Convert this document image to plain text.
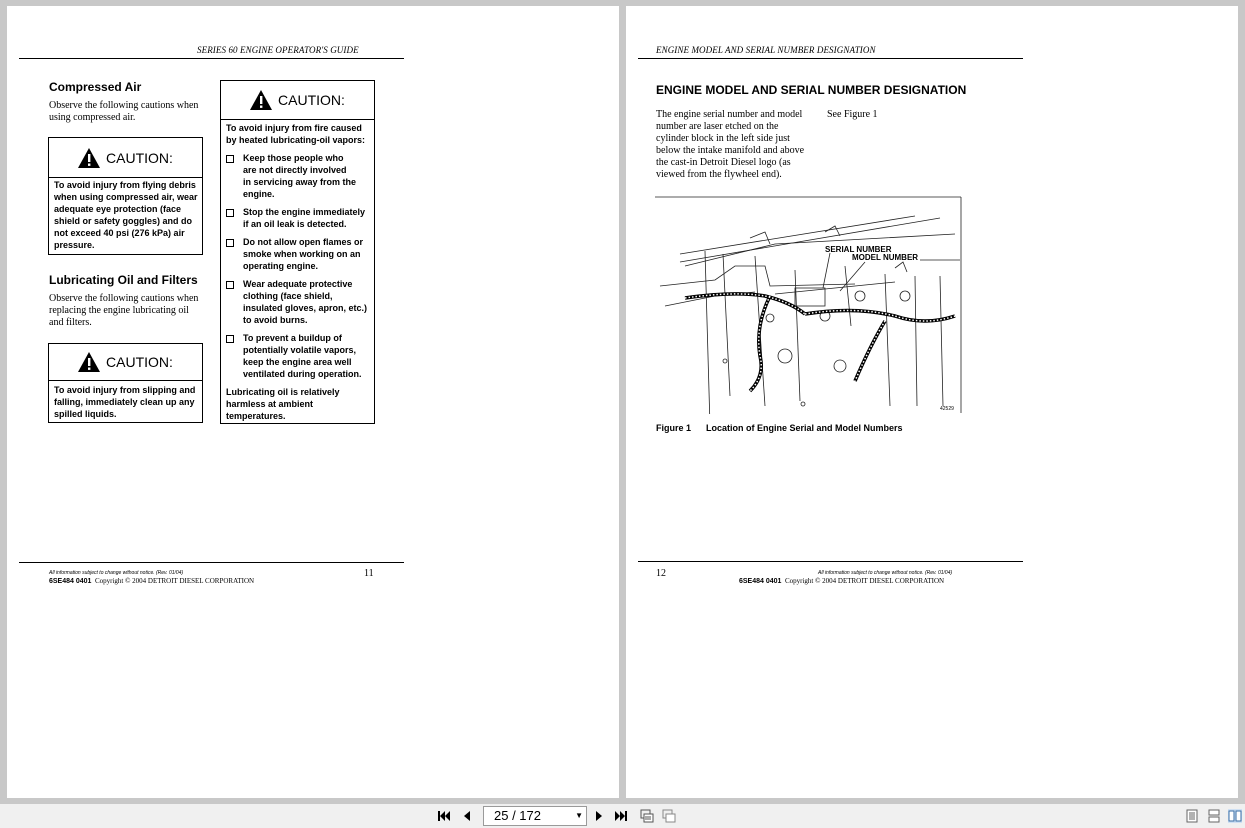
SERIES 60 ENGINE OPERATOR'S GUIDE
Compressed Air
Observe the following cautions when
using compressed air.
CAUTION:
To avoid injury from flying debris
when using compressed air, wear
adequate eye protection (face
shield or safety goggles) and do
not exceed 40 psi (276 kPa) air
pressure.
Lubricating Oil and Filters
Observe the following cautions when
replacing the engine lubricating oil
and filters.
CAUTION:
To avoid injury from slipping and
falling, immediately clean up any
spilled liquids.
CAUTION:
To avoid injury from fire caused
by heated lubricating-oil vapors:
Keep those people who
are not directly involved
in servicing away from the
engine.
Stop the engine immediately
if an oil leak is detected.
Do not allow open flames or
smoke when working on an
operating engine.
Wear adequate protective
clothing (face shield,
insulated gloves, apron, etc.)
to avoid burns.
To prevent a buildup of
potentially volatile vapors,
keep the engine area well
ventilated during operation.
Lubricating oil is relatively
harmless at ambient
temperatures.
All information subject to change without notice. (Rev. 01/04)
6SE484 0401 Copyright © 2004 DETROIT DIESEL CORPORATION
11
ENGINE MODEL AND SERIAL NUMBER DESIGNATION
ENGINE MODEL AND SERIAL NUMBER DESIGNATION
The engine serial number and model
number are laser etched on the
cylinder block in the left side just
below the intake manifold and above
the cast-in Detroit Diesel logo (as
viewed from the flywheel end).
See Figure 1
SERIAL NUMBER
MODEL NUMBER
42529
Figure 1 Location of Engine Serial and Model Numbers
12	All information subject to change without notice. (Rev. 01/04)
6SE484 0401 Copyright © 2004 DETROIT DIESEL CORPORATION
25 / 172	▼
